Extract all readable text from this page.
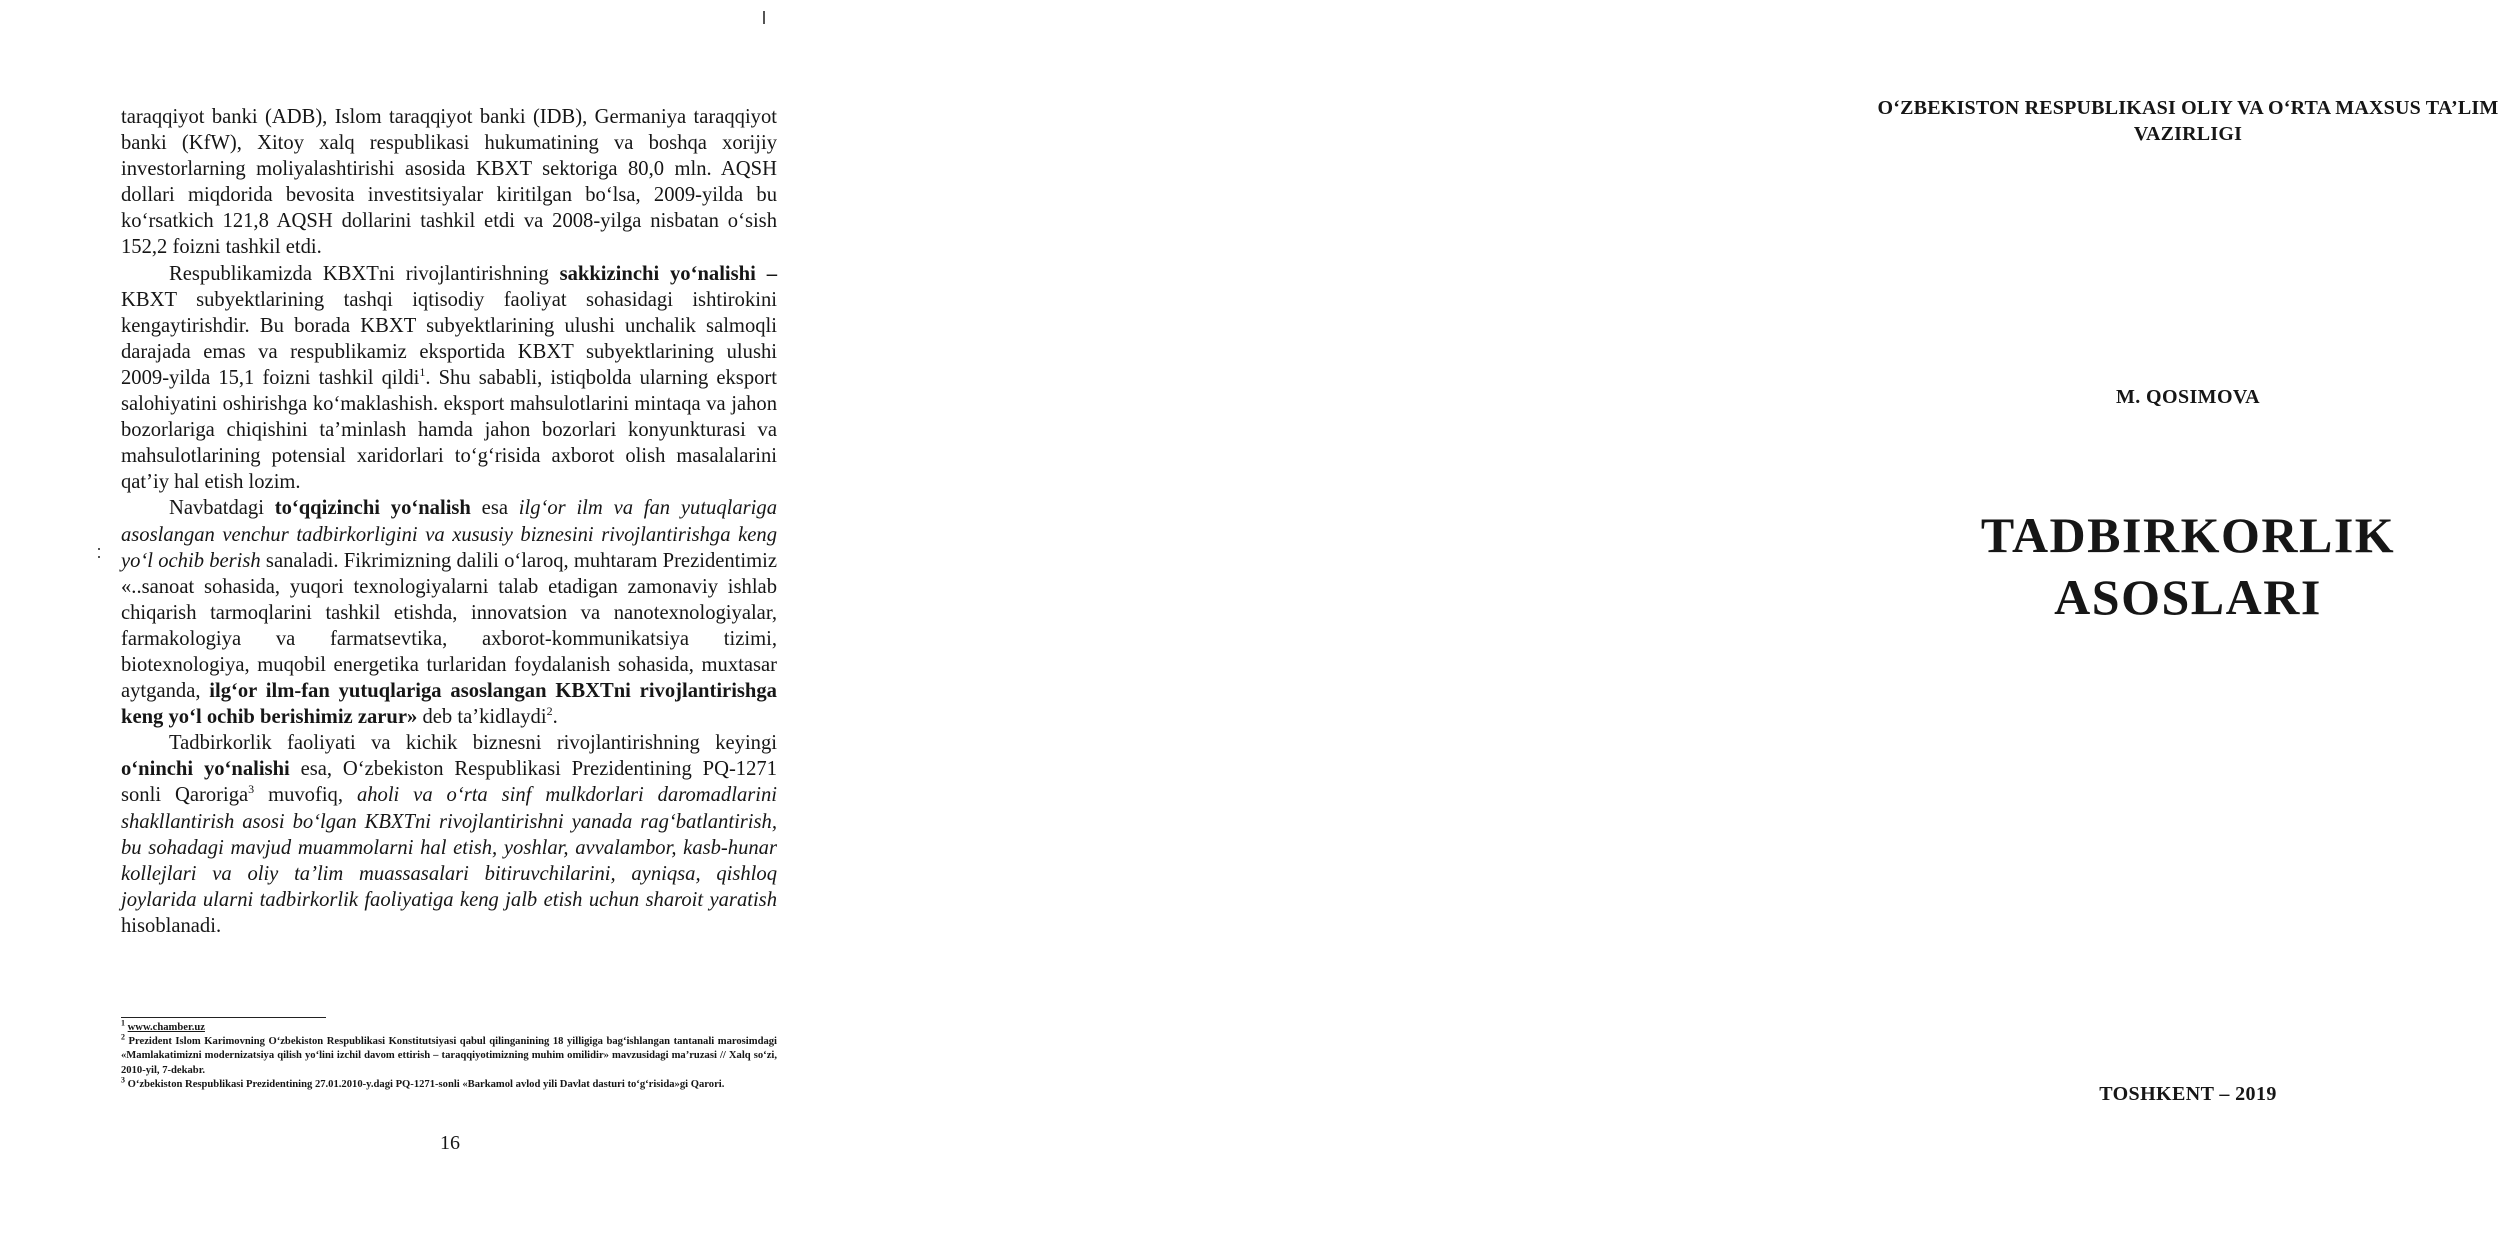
taraqqiyot banki (ADB), Islom taraqqiyot banki (IDB), Germaniya taraqqiyot banki (KfW), Xitoy xalq respublikasi hukumatining va boshqa xorijiy investorlarning moliyalashtirishi asosida KBXT sektoriga 80,0 mln. AQSH dollari miqdorida bevosita investitsiyalar kiritilgan bo‘lsa, 2009-yilda bu ko‘rsatkich 121,8 AQSH dollarini tashkil etdi va 2008-yilga nisbatan o‘sish 152,2 foizni tashkil etdi.

Respublikamizda KBXTni rivojlantirishning sakkizinchi yo‘nalishi – KBXT subyektlarining tashqi iqtisodiy faoliyat sohasidagi ishtirokini kengaytirishdir. Bu borada KBXT subyektlarining ulushi unchalik salmoqli darajada emas va respublikamiz eksportida KBXT subyektlarining ulushi 2009-yilda 15,1 foizni tashkil qildi$^1$. Shu sababli, istiqbolda ularning eksport salohiyatini oshirishga ko‘maklashish. eksport mahsulotlarini mintaqa va jahon bozorlariga chiqishini ta’minlash hamda jahon bozorlari konyunkturasi va mahsulotlarining potensial xaridorlari to‘g‘risida axborot olish masalalarini qat’iy hal etish lozim.

Navbatdagi to‘qqizinchi yo‘nalish esa ilg‘or ilm va fan yutuqlariga asoslangan venchur tadbirkorligini va xususiy biznesini rivojlantirishga keng yo‘l ochib berish sanaladi. Fikrimizning dalili o‘laroq, muhtaram Prezidentimiz «..sanoat sohasida, yuqori texnologiyalarni talab etadigan zamonaviy ishlab chiqarish tarmoqlarini tashkil etishda, innovatsion va nanotexnologiyalar, farmakologiya va farmatsevtika, axborot-kommunikatsiya tizimi, biotexnologiya, muqobil energetika turlaridan foydalanish sohasida, muxtasar aytganda, ilg‘or ilm-fan yutuqlariga asoslangan KBXTni rivojlantirishga keng yo‘l ochib berishimiz zarur» deb ta’kidlaydi$^2$.

Tadbirkorlik faoliyati va kichik biznesni rivojlantirishning keyingi o‘ninchi yo‘nalishi esa, O‘zbekiston Respublikasi Prezidentining PQ-1271 sonli Qaroriga$^3$ muvofiq, aholi va o‘rta sinf mulkdorlari daromadlarini shakllantirish asosi bo‘lgan KBXTni rivojlantirishni yanada rag‘batlantirish, bu sohadagi mavjud muammolarni hal etish, yoshlar, avvalambor, kasb-hunar kollejlari va oliy ta’lim muassasalari bitiruvchilarini, ayniqsa, qishloq joylarida ularni tadbirkorlik faoliyatiga keng jalb etish uchun sharoit yaratish hisoblanadi.

$^1$ www.chamber.uz

$^2$ Prezident Islom Karimovning O‘zbekiston Respublikasi Konstitutsiyasi qabul qilinganining 18 yilligiga bag‘ishlangan tantanali marosimdagi «Mamlakatimizni modernizatsiya qilish yo‘lini izchil davom ettirish – taraqqiyotimizning muhim omilidir» mavzusidagi ma’ruzasi // Xalq so‘zi, 2010-yil, 7-dekabr.

$^3$ O‘zbekiston Respublikasi Prezidentining 27.01.2010-y.dagi PQ-1271-sonli «Barkamol avlod yili Davlat dasturi to‘g‘risida»gi Qarori.

16
O‘ZBEKISTON RESPUBLIKASI OLIY VA O‘RTA MAXSUS TA’LIM VAZIRLIGI
M. QOSIMOVA
TADBIRKORLIK
ASOSLARI
TOSHKENT – 2019
